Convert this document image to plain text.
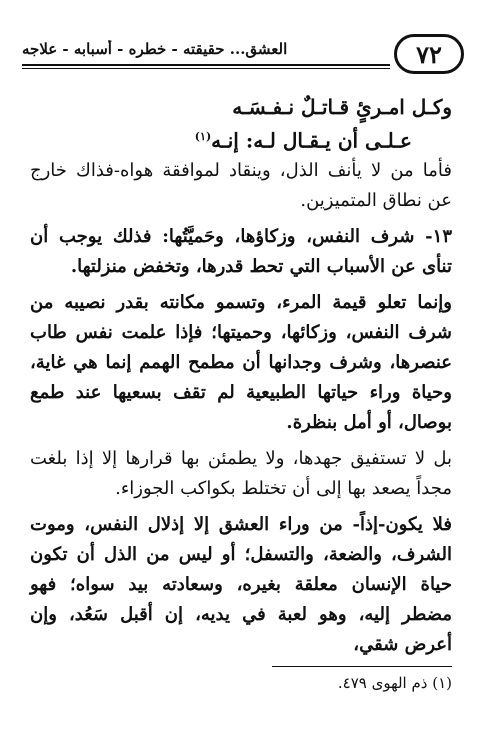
٧٢
العشق... حقيقته - خطره - أسبابه - علاجه
وكـل امـرئٍ قـاتـلٌ نـفـسَـه
عـلـى أن يـقـال لـه: إنـه$^{(١)}$

فأما من لا يأنف الذل، وينقاد لموافقة هواه-فذاك خارج عن نطاق المتميزين.

١٣- شرف النفس، وزكاؤها، وحَميَّتُها: فذلك يوجب أن تنأى عن الأسباب التي تحط قدرها، وتخفض منزلتها.

وإنما تعلو قيمة المرء، وتسمو مكانته بقدر نصيبه من شرف النفس، وزكائها، وحميتها؛ فإذا علمت نفس طاب عنصرها، وشرف وجدانها أن مطمح الهمم إنما هي غاية، وحياة وراء حياتها الطبيعية لم تقف بسعيها عند طمع بوصال، أو أمل بنظرة.

بل لا تستفيق جهدها، ولا يطمئن بها قرارها إلا إذا بلغت مجداً يصعد بها إلى أن تختلط بكواكب الجوزاء.

فلا يكون-إذاً- من وراء العشق إلا إذلال النفس، وموت الشرف، والضعة، والتسفل؛ أو ليس من الذل أن تكون حياة الإنسان معلقة بغيره، وسعادته بيد سواه؛ فهو مضطر إليه، وهو لعبة في يديه، إن أقبل سَعُد، وإن أعرض شقي،

(١) ذم الهوى ٤٧٩.
